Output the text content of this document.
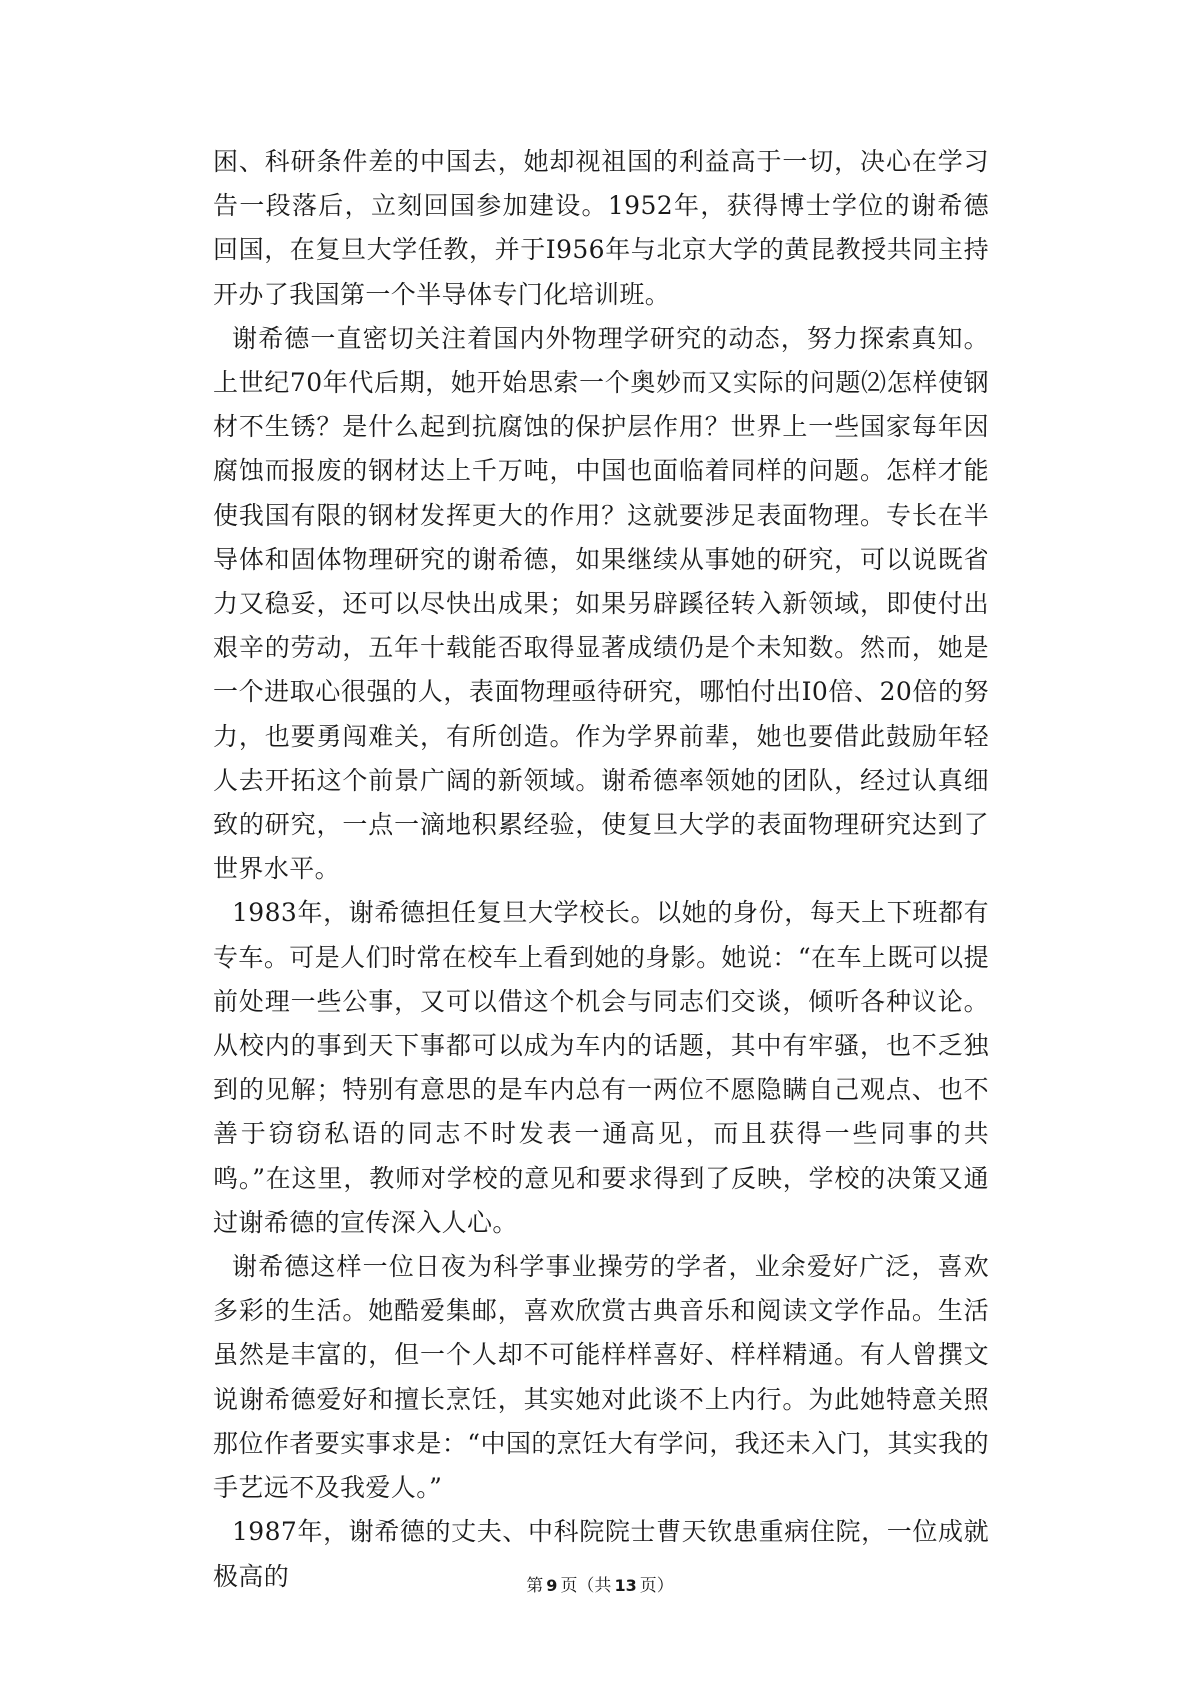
困、科研条件差的中国去，她却视祖国的利益高于一切，决心在学习告一段落后，立刻回国参加建设。1952年，获得博士学位的谢希德回国，在复旦大学任教，并于I956年与北京大学的黄昆教授共同主持开办了我国第一个半导体专门化培训班。

谢希德一直密切关注着国内外物理学研究的动态，努力探索真知。上世纪70年代后期，她开始思索一个奥妙而又实际的问题⑵怎样使钢材不生锈？是什么起到抗腐蚀的保护层作用？世界上一些国家每年因腐蚀而报废的钢材达上千万吨，中国也面临着同样的问题。怎样才能使我国有限的钢材发挥更大的作用？这就要涉足表面物理。专长在半导体和固体物理研究的谢希德，如果继续从事她的研究，可以说既省力又稳妥，还可以尽快出成果；如果另辟蹊径转入新领域，即使付出艰辛的劳动，五年十载能否取得显著成绩仍是个未知数。然而，她是一个进取心很强的人，表面物理亟待研究，哪怕付出I0倍、20倍的努力，也要勇闯难关，有所创造。作为学界前辈，她也要借此鼓励年轻人去开拓这个前景广阔的新领域。谢希德率领她的团队，经过认真细致的研究，一点一滴地积累经验，使复旦大学的表面物理研究达到了世界水平。

1983年，谢希德担任复旦大学校长。以她的身份，每天上下班都有专车。可是人们时常在校车上看到她的身影。她说：“在车上既可以提前处理一些公事，又可以借这个机会与同志们交谈，倾听各种议论。从校内的事到天下事都可以成为车内的话题，其中有牢骚，也不乏独到的见解；特别有意思的是车内总有一两位不愿隐瞒自己观点、也不善于窃窃私语的同志不时发表一通高见，而且获得一些同事的共鸣。”在这里，教师对学校的意见和要求得到了反映，学校的决策又通过谢希德的宣传深入人心。

谢希德这样一位日夜为科学事业操劳的学者，业余爱好广泛，喜欢多彩的生活。她酷爱集邮，喜欢欣赏古典音乐和阅读文学作品。生活虽然是丰富的，但一个人却不可能样样喜好、样样精通。有人曾撰文说谢希德爱好和擅长烹饪，其实她对此谈不上内行。为此她特意关照那位作者要实事求是：“中国的烹饪大有学问，我还未入门，其实我的手艺远不及我爱人。”

1987年，谢希德的丈夫、中科院院士曹天钦患重病住院，一位成就极高的	第 9 页（共 13 页）
